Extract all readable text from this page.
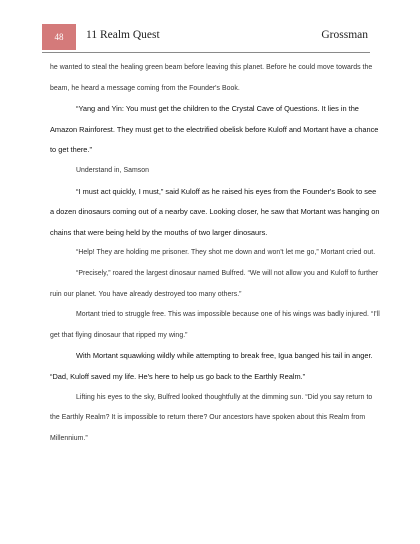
48 11 Realm Quest	Grossman

he wanted to steal the healing green beam before leaving this planet. Before he could move towards the beam, he heard a message coming from the Founder's Book.

“Yang and Yin: You must get the children to the Crystal Cave of Questions. It lies in the Amazon Rainforest. They must get to the electrified obelisk before Kuloff and Mortant have a chance to get there.”

Understand in, Samson

“I must act quickly, I must,” said Kuloff as he raised his eyes from the Founder's Book to see a dozen dinosaurs coming out of a nearby cave. Looking closer, he saw that Mortant was hanging on chains that were being held by the mouths of two larger dinosaurs.

“Help! They are holding me prisoner. They shot me down and won't let me go,” Mortant cried out.

“Precisely,” roared the largest dinosaur named Bulfred. “We will not allow you and Kuloff to further ruin our planet. You have already destroyed too many others.”

Mortant tried to struggle free. This was impossible because one of his wings was badly injured. “I'll get that flying dinosaur that ripped my wing.”

With Mortant squawking wildly while attempting to break free, Igua banged his tail in anger. “Dad, Kuloff saved my life. He's here to help us go back to the Earthly Realm.”

Lifting his eyes to the sky, Bulfred looked thoughtfully at the dimming sun. “Did you say return to the Earthly Realm? It is impossible to return there? Our ancestors have spoken about this Realm from Millennium.”
